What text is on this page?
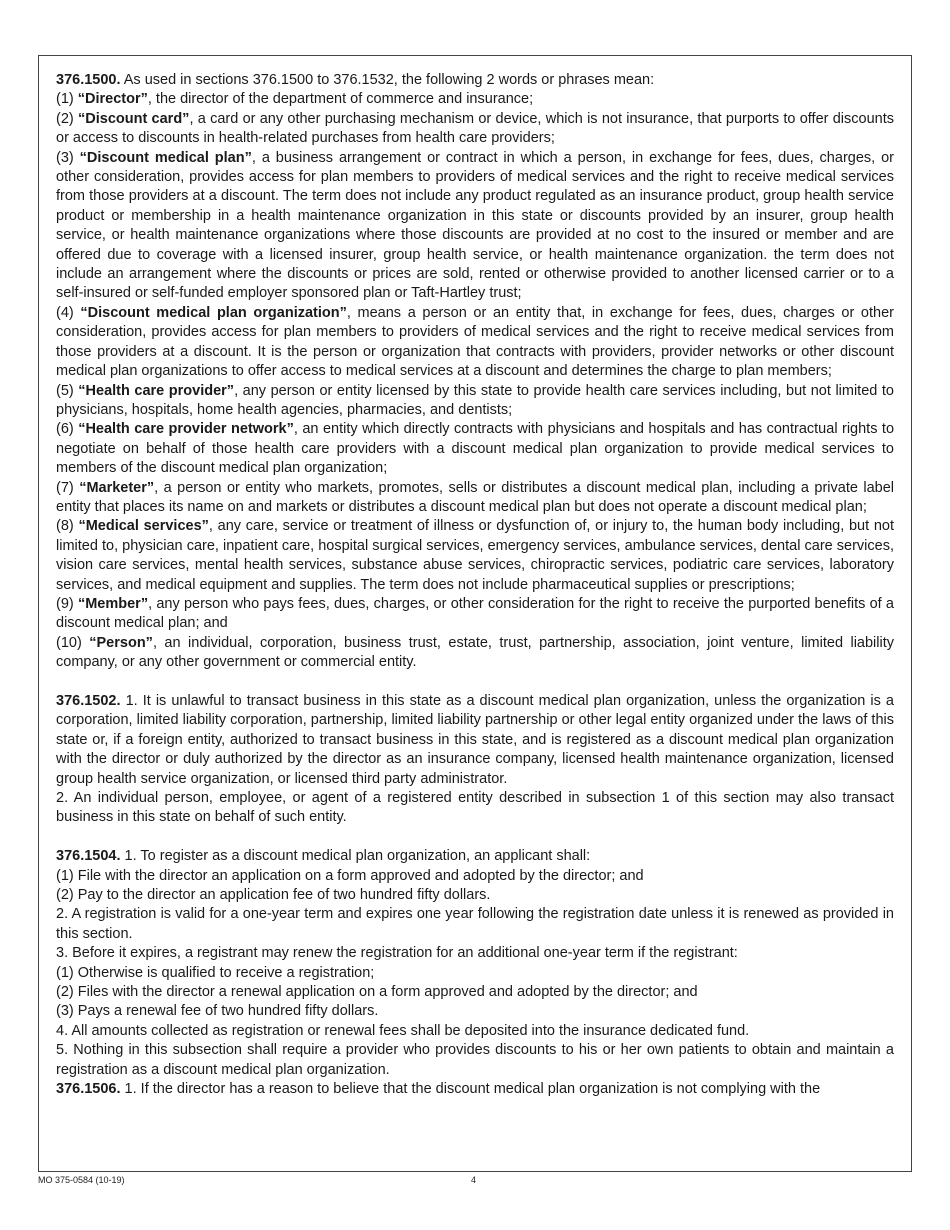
376.1500. As used in sections 376.1500 to 376.1532, the following 2 words or phrases mean:

(1) “Director”, the director of the department of commerce and insurance;

(2) “Discount card”, a card or any other purchasing mechanism or device, which is not insurance, that purports to offer discounts or access to discounts in health-related purchases from health care providers;

(3) “Discount medical plan”, a business arrangement or contract in which a person, in exchange for fees, dues, charges, or other consideration, provides access for plan members to providers of medical services and the right to receive medical services from those providers at a discount. The term does not include any product regulated as an insurance product, group health service product or membership in a health maintenance organization in this state or discounts provided by an insurer, group health service, or health maintenance organizations where those discounts are provided at no cost to the insured or member and are offered due to coverage with a licensed insurer, group health service, or health maintenance organization. the term does not include an arrangement where the discounts or prices are sold, rented or otherwise provided to another licensed carrier or to a self-insured or self-funded employer sponsored plan or Taft-Hartley trust;

(4) “Discount medical plan organization”, means a person or an entity that, in exchange for fees, dues, charges or other consideration, provides access for plan members to providers of medical services and the right to receive medical services from those providers at a discount. It is the person or organization that contracts with providers, provider networks or other discount medical plan organizations to offer access to medical services at a discount and determines the charge to plan members;

(5) “Health care provider”, any person or entity licensed by this state to provide health care services including, but not limited to physicians, hospitals, home health agencies, pharmacies, and dentists;

(6) “Health care provider network”, an entity which directly contracts with physicians and hospitals and has contractual rights to negotiate on behalf of those health care providers with a discount medical plan organization to provide medical services to members of the discount medical plan organization;

(7) “Marketer”, a person or entity who markets, promotes, sells or distributes a discount medical plan, including a private label entity that places its name on and markets or distributes a discount medical plan but does not operate a discount medical plan;

(8) “Medical services”, any care, service or treatment of illness or dysfunction of, or injury to, the human body including, but not limited to, physician care, inpatient care, hospital surgical services, emergency services, ambulance services, dental care services, vision care services, mental health services, substance abuse services, chiropractic services, podiatric care services, laboratory services, and medical equipment and supplies. The term does not include pharmaceutical supplies or prescriptions;

(9) “Member”, any person who pays fees, dues, charges, or other consideration for the right to receive the purported benefits of a discount medical plan; and

(10) “Person”, an individual, corporation, business trust, estate, trust, partnership, association, joint venture, limited liability company, or any other government or commercial entity.

376.1502. 1. It is unlawful to transact business in this state as a discount medical plan organization, unless the organization is a corporation, limited liability corporation, partnership, limited liability partnership or other legal entity organized under the laws of this state or, if a foreign entity, authorized to transact business in this state, and is registered as a discount medical plan organization with the director or duly authorized by the director as an insurance company, licensed health maintenance organization, licensed group health service organization, or licensed third party administrator.

2. An individual person, employee, or agent of a registered entity described in subsection 1 of this section may also transact business in this state on behalf of such entity.

376.1504. 1. To register as a discount medical plan organization, an applicant shall:

(1) File with the director an application on a form approved and adopted by the director; and

(2) Pay to the director an application fee of two hundred fifty dollars.

2. A registration is valid for a one-year term and expires one year following the registration date unless it is renewed as provided in this section.

3. Before it expires, a registrant may renew the registration for an additional one-year term if the registrant:

(1) Otherwise is qualified to receive a registration;

(2) Files with the director a renewal application on a form approved and adopted by the director; and

(3) Pays a renewal fee of two hundred fifty dollars.

4. All amounts collected as registration or renewal fees shall be deposited into the insurance dedicated fund.

5. Nothing in this subsection shall require a provider who provides discounts to his or her own patients to obtain and maintain a registration as a discount medical plan organization.

376.1506. 1. If the director has a reason to believe that the discount medical plan organization is not complying with the

MO 375-0584 (10-19)	4
